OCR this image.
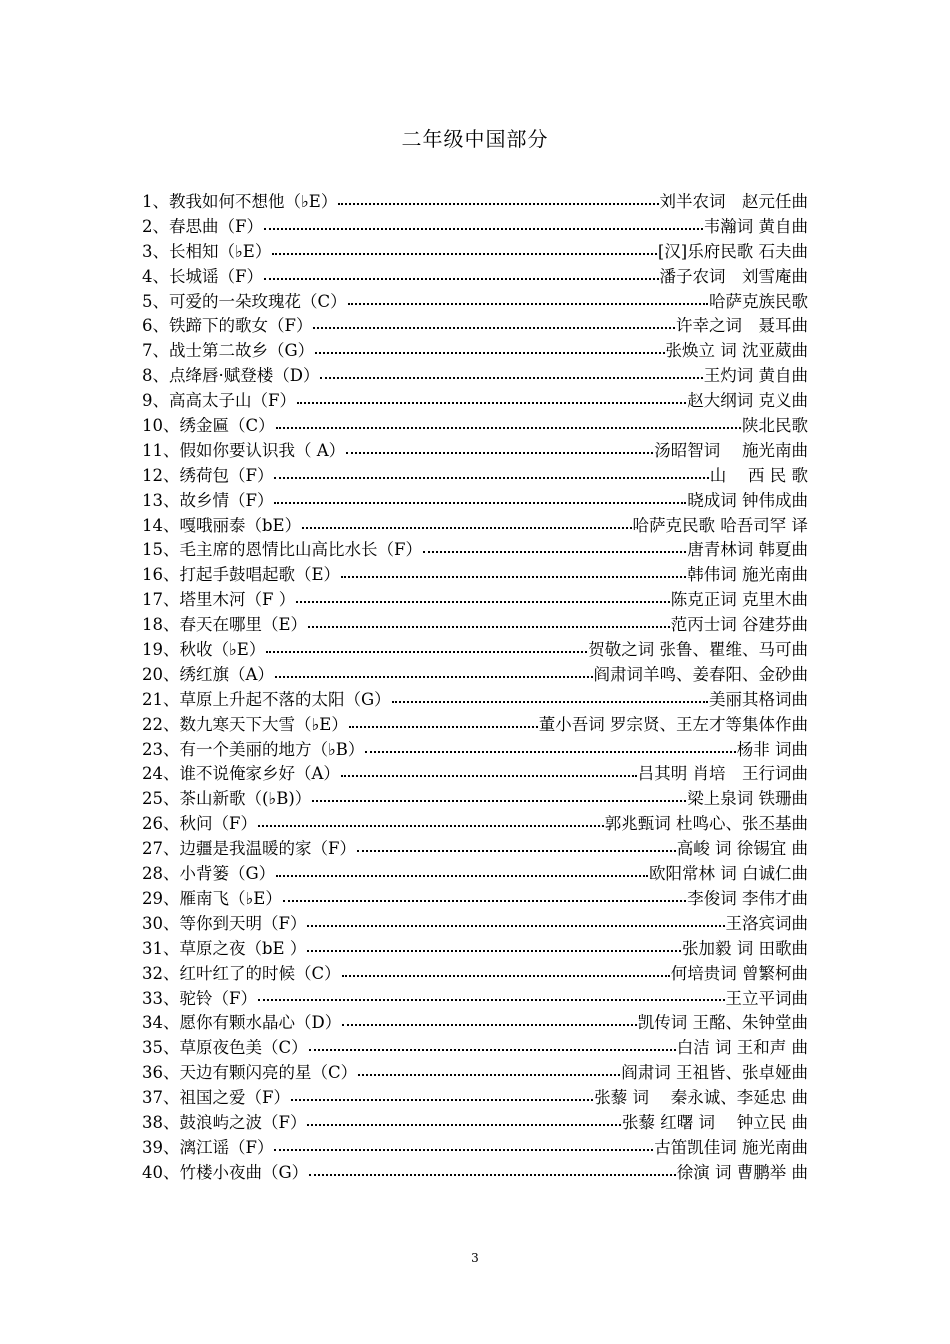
二年级中国部分
1、 教我如何不想他（♭E）	刘半农词　赵元任曲
2、 春思曲（F）	韦瀚词 黄自曲
3、 长相知（♭E）	[汉]乐府民歌 石夫曲
4、 长城谣（F）	潘子农词　刘雪庵曲
5、 可爱的一朵玫瑰花（C）	哈萨克族民歌
6、 铁蹄下的歌女（F）	许幸之词　聂耳曲
7、 战士第二故乡（G）	张焕立 词 沈亚葳曲
8、 点绛唇·赋登楼（D）	王灼词 黄自曲
9、 高高太子山（F）	赵大纲词 克义曲
10、 绣金匾（C）	陕北民歌
11、 假如你要认识我（ A）	汤昭智词　 施光南曲
12、 绣荷包（F）	山　 西 民 歌
13、 故乡情（F）	晓成词 钟伟成曲
14、 嘎哦丽泰（bE）	哈萨克民歌 哈吾司罕 译
15、 毛主席的恩情比山高比水长（F）	唐青林词 韩夏曲
16、 打起手鼓唱起歌（E）	韩伟词 施光南曲
17、 塔里木河（F ）	陈克正词 克里木曲
18、 春天在哪里（E）	范丙士词 谷建芬曲
19、 秋收（♭E）	贺敬之词 张鲁、瞿维、马可曲
20、 绣红旗（A）	阎肃词羊鸣、姜春阳、金砂曲
21、 草原上升起不落的太阳（G）	美丽其格词曲
22、 数九寒天下大雪（♭E）	董小吾词 罗宗贤、王左才等集体作曲
23、 有一个美丽的地方（♭B）	杨非 词曲
24、 谁不说俺家乡好（A）	吕其明 肖培　王行词曲
25、 茶山新歌（(♭B)）	梁上泉词 铁珊曲
26、 秋问（F）	郭兆甄词 杜鸣心、张丕基曲
27、 边疆是我温暖的家（F）	高峻 词 徐锡宜 曲
28、 小背篓（G）	欧阳常林 词 白诚仁曲
29、 雁南飞（♭E）	李俊词 李伟才曲
30、 等你到天明（F）	王洛宾词曲
31、 草原之夜（bE ）	张加毅 词 田歌曲
32、 红叶红了的时候（C）	何培贵词 曾繁柯曲
33、 驼铃（F）	王立平词曲
34、 愿你有颗水晶心（D）	凯传词 王酩、朱钟堂曲
35、 草原夜色美（C）	白洁 词 王和声 曲
36、 天边有颗闪亮的星（C）	阎肃词 王祖皆、张卓娅曲
37、 祖国之爱（F）	张藜 词　 秦永诚、李延忠 曲
38、 鼓浪屿之波（F）	张藜 红曙 词　 钟立民 曲
39、 漓江谣（F）	古笛凯佳词 施光南曲
40、 竹楼小夜曲（G）	徐演 词 曹鹏举 曲
3
